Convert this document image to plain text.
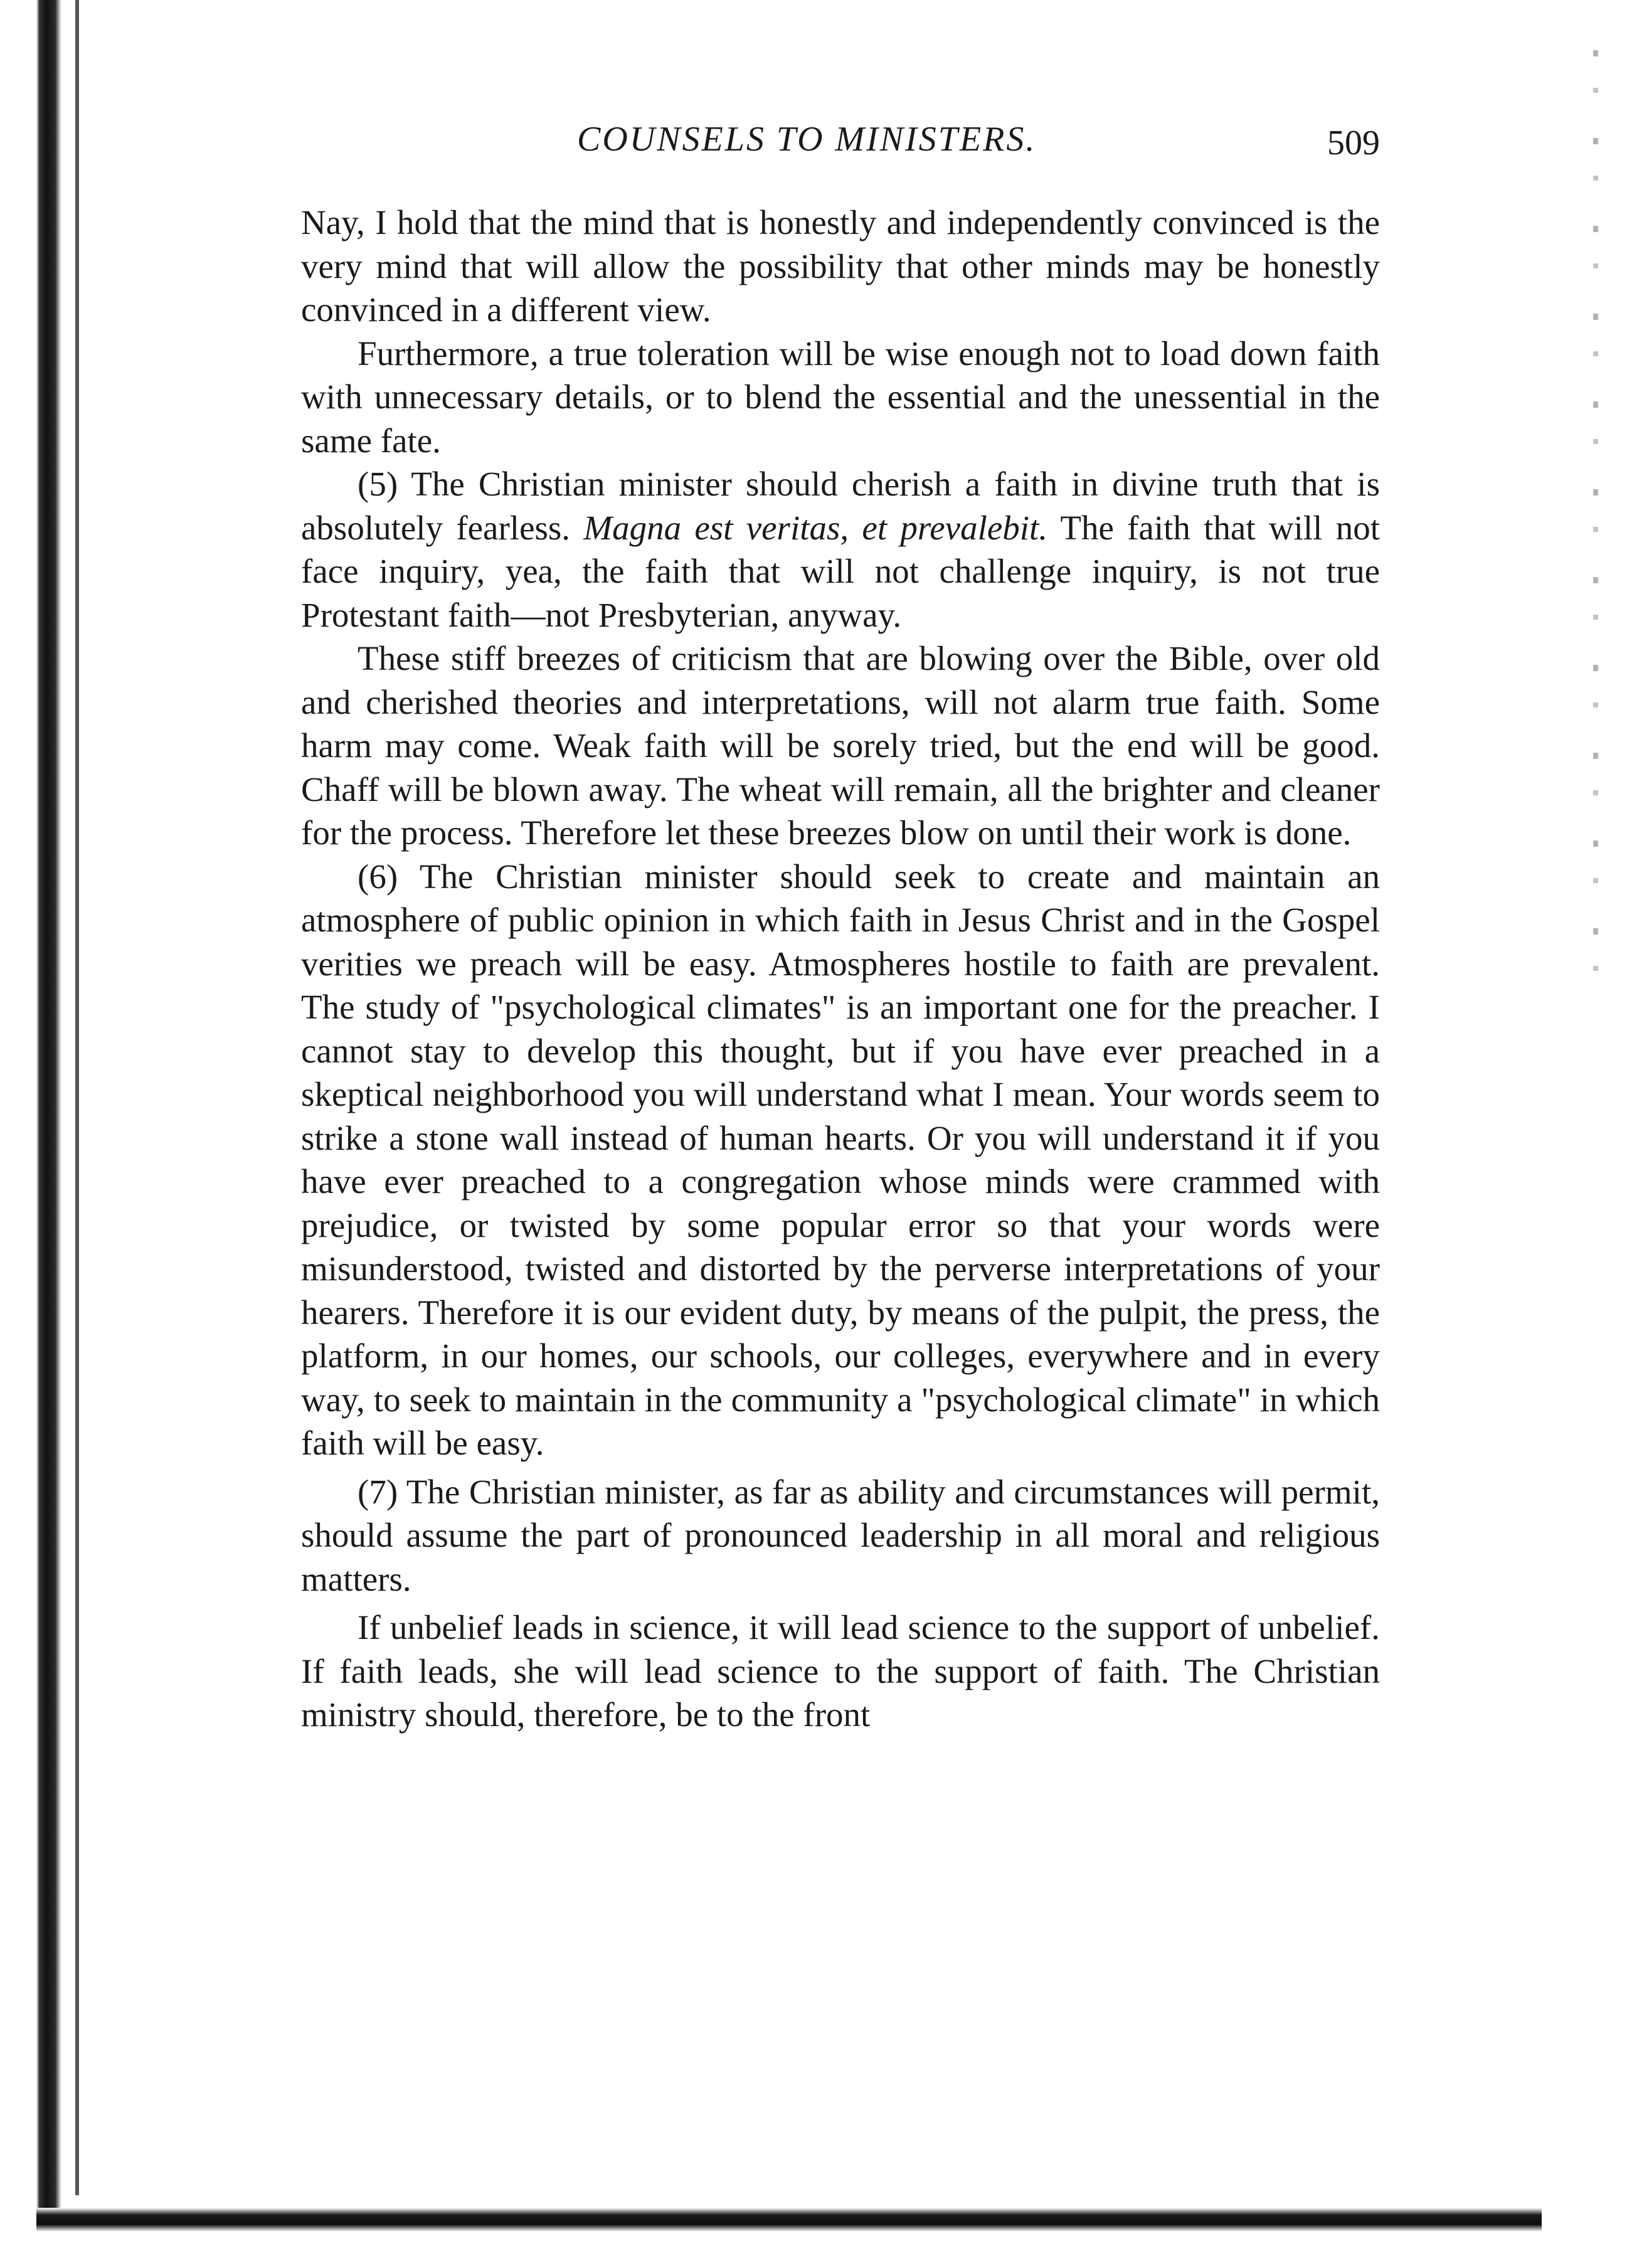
COUNSELS TO MINISTERS.	509

Nay, I hold that the mind that is honestly and independently convinced is the very mind that will allow the possibility that other minds may be honestly convinced in a different view.

Furthermore, a true toleration will be wise enough not to load down faith with unnecessary details, or to blend the essential and the unessential in the same fate.

(5) The Christian minister should cherish a faith in divine truth that is absolutely fearless. Magna est veritas, et prevalebit. The faith that will not face inquiry, yea, the faith that will not challenge inquiry, is not true Protestant faith—not Presbyterian, anyway.

These stiff breezes of criticism that are blowing over the Bible, over old and cherished theories and interpretations, will not alarm true faith. Some harm may come. Weak faith will be sorely tried, but the end will be good. Chaff will be blown away. The wheat will remain, all the brighter and cleaner for the process. Therefore let these breezes blow on until their work is done.

(6) The Christian minister should seek to create and maintain an atmosphere of public opinion in which faith in Jesus Christ and in the Gospel verities we preach will be easy. Atmospheres hostile to faith are prevalent. The study of "psychological climates" is an important one for the preacher. I cannot stay to develop this thought, but if you have ever preached in a skeptical neighborhood you will understand what I mean. Your words seem to strike a stone wall instead of human hearts. Or you will understand it if you have ever preached to a congregation whose minds were crammed with prejudice, or twisted by some popular error so that your words were misunderstood, twisted and distorted by the perverse interpretations of your hearers. Therefore it is our evident duty, by means of the pulpit, the press, the platform, in our homes, our schools, our colleges, everywhere and in every way, to seek to maintain in the community a "psychological climate" in which faith will be easy.

(7) The Christian minister, as far as ability and circumstances will permit, should assume the part of pronounced leadership in all moral and religious matters.

If unbelief leads in science, it will lead science to the support of unbelief. If faith leads, she will lead science to the support of faith. The Christian ministry should, therefore, be to the front
